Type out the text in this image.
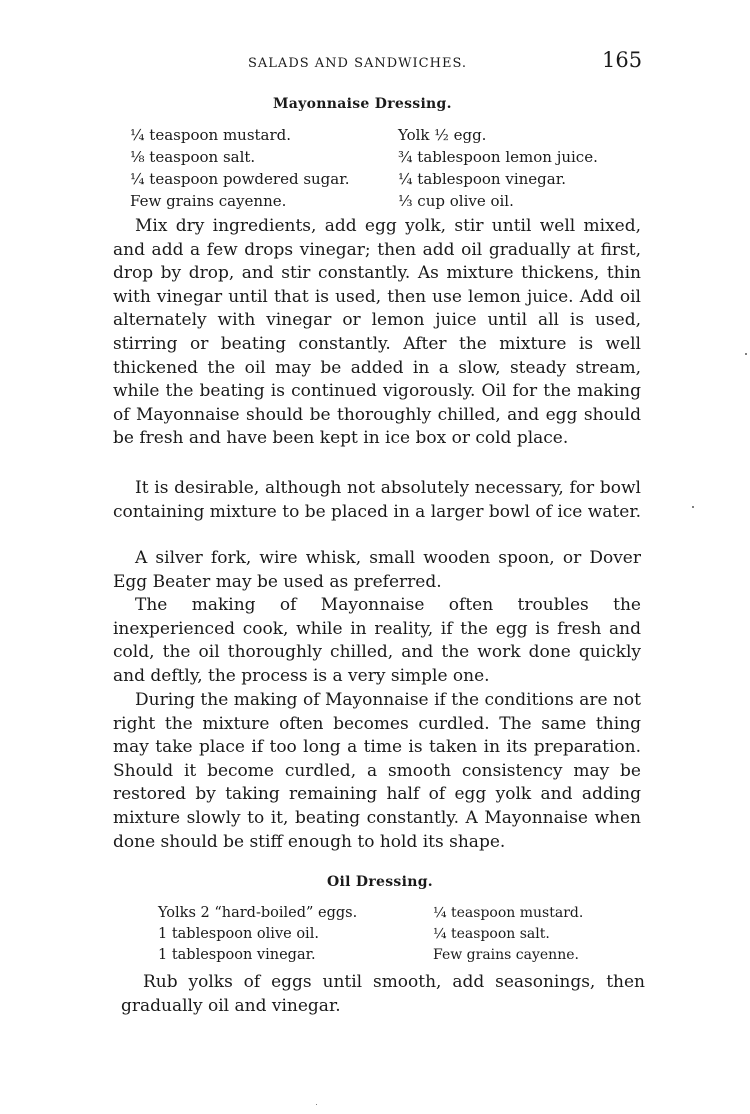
SALADS AND SANDWICHES.	165
Mayonnaise Dressing.
¼ teaspoon mustard.
⅛ teaspoon salt.
¼ teaspoon powdered sugar.
Few grains cayenne.
Yolk ½ egg.
¾ tablespoon lemon juice.
¼ tablespoon vinegar.
⅓ cup olive oil.

Mix dry ingredients, add egg yolk, stir until well mixed, and add a few drops vinegar; then add oil gradually at first, drop by drop, and stir constantly. As mixture thickens, thin with vinegar until that is used, then use lemon juice. Add oil alternately with vinegar or lemon juice until all is used, stirring or beating constantly. After the mixture is well thickened the oil may be added in a slow, steady stream, while the beating is continued vigorously. Oil for the making of Mayonnaise should be thoroughly chilled, and egg should be fresh and have been kept in ice box or cold place.

It is desirable, although not absolutely necessary, for bowl containing mixture to be placed in a larger bowl of ice water.

A silver fork, wire whisk, small wooden spoon, or Dover Egg Beater may be used as preferred.

The making of Mayonnaise often troubles the inexperienced cook, while in reality, if the egg is fresh and cold, the oil thoroughly chilled, and the work done quickly and deftly, the process is a very simple one.

During the making of Mayonnaise if the conditions are not right the mixture often becomes curdled. The same thing may take place if too long a time is taken in its preparation. Should it become curdled, a smooth consistency may be restored by taking remaining half of egg yolk and adding mixture slowly to it, beating constantly. A Mayonnaise when done should be stiff enough to hold its shape.

Oil Dressing.
Yolks 2 “hard-boiled” eggs.
1 tablespoon olive oil.
1 tablespoon vinegar.
¼ teaspoon mustard.
¼ teaspoon salt.
Few grains cayenne.

Rub yolks of eggs until smooth, add seasonings, then gradually oil and vinegar.
